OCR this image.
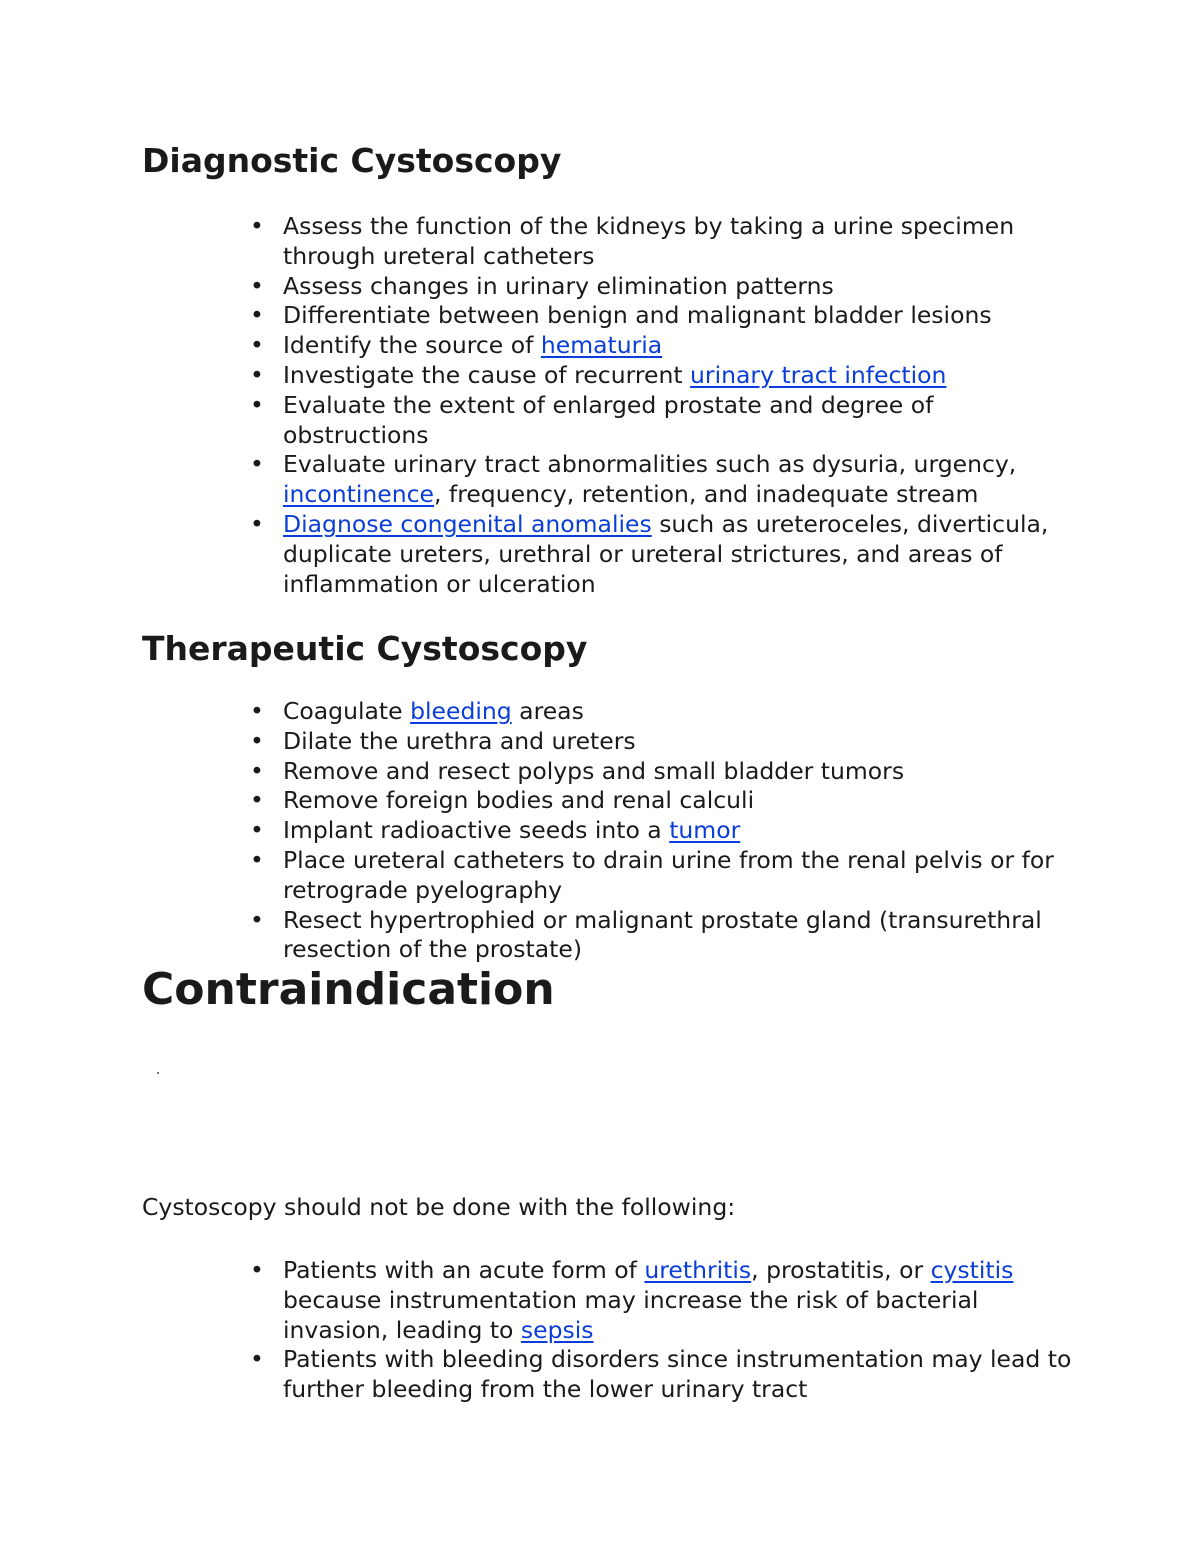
Diagnostic Cystoscopy
• Assess the function of the kidneys by taking a urine specimen through ureteral catheters
• Assess changes in urinary elimination patterns
• Differentiate between benign and malignant bladder lesions
• Identify the source of hematuria
• Investigate the cause of recurrent urinary tract infection
• Evaluate the extent of enlarged prostate and degree of obstructions
• Evaluate urinary tract abnormalities such as dysuria, urgency, incontinence, frequency, retention, and inadequate stream
• Diagnose congenital anomalies such as ureteroceles, diverticula, duplicate ureters, urethral or ureteral strictures, and areas of inflammation or ulceration
Therapeutic Cystoscopy
• Coagulate bleeding areas
• Dilate the urethra and ureters
• Remove and resect polyps and small bladder tumors
• Remove foreign bodies and renal calculi
• Implant radioactive seeds into a tumor
• Place ureteral catheters to drain urine from the renal pelvis or for retrograde pyelography
• Resect hypertrophied or malignant prostate gland (transurethral resection of the prostate)
Contraindication

Cystoscopy should not be done with the following:

• Patients with an acute form of urethritis, prostatitis, or cystitis because instrumentation may increase the risk of bacterial invasion, leading to sepsis
• Patients with bleeding disorders since instrumentation may lead to further bleeding from the lower urinary tract
